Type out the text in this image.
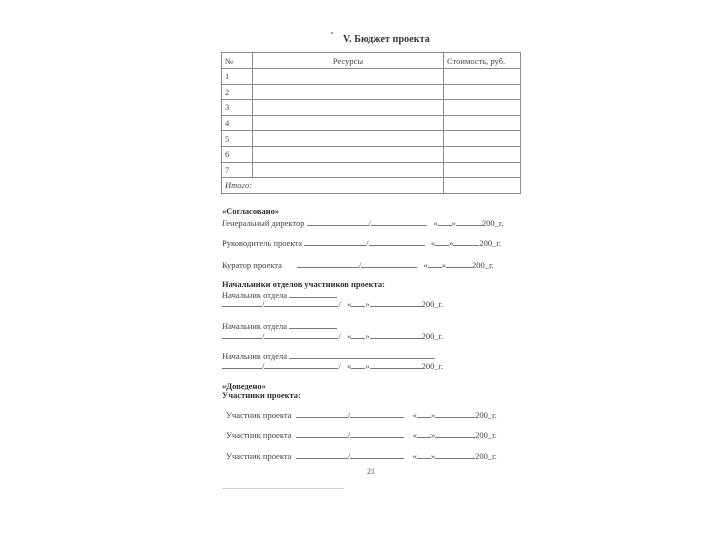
V. Бюджет проекта
№	Ресурсы	Стоимость, руб.
1		
2		
3		
4		
5		
6		
7		
Итого:		
«Согласовано»
Генеральный директор	/	« »	200_г.
Руководитель проекта	/	« »	200_г.
Куратор проекта	/	« »	200_г.
Начальники отделов участников проекта:
Начальник отдела
/	/   « »	200_г.
Начальник отдела
/	/   « »	200_г.
Начальник отдела
/	/   « »	200_г.
«Доведено»
Участники проекта:
Участник проекта	/	« »	200_г.
Участник проекта	/	« »	200_г.
Участник проекта	/	« »	200_г.
21
